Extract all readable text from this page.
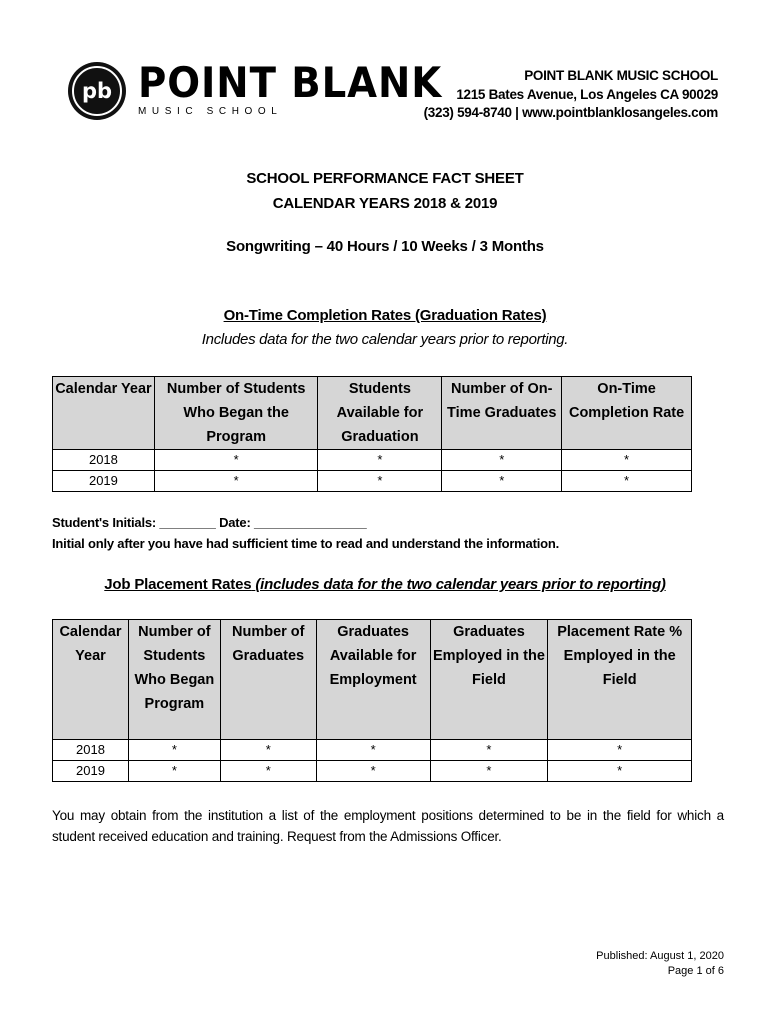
pb POINT BLANK
MUSIC SCHOOL
POINT BLANK MUSIC SCHOOL
1215 Bates Avenue, Los Angeles CA 90029
(323) 594-8740 | www.pointblanklosangeles.com
SCHOOL PERFORMANCE FACT SHEET
CALENDAR YEARS 2018 & 2019
Songwriting – 40 Hours / 10 Weeks / 3 Months
On-Time Completion Rates (Graduation Rates)
Includes data for the two calendar years prior to reporting.
Calendar Year	Number of Students Who Began the Program	Students Available for Graduation	Number of On-Time Graduates	On-Time Completion Rate
2018	*	*	*	*
2019	*	*	*	*
Student's Initials: ________ Date: ________________
Initial only after you have had sufficient time to read and understand the information.
Job Placement Rates (includes data for the two calendar years prior to reporting)
Calendar Year	Number of Students Who Began Program	Number of Graduates	Graduates Available for Employment	Graduates Employed in the Field	Placement Rate % Employed in the Field
2018	*	*	*	*	*
2019	*	*	*	*	*
You may obtain from the institution a list of the employment positions determined to be in the field for which a student received education and training. Request from the Admissions Officer.
Published: August 1, 2020
Page 1 of 6
